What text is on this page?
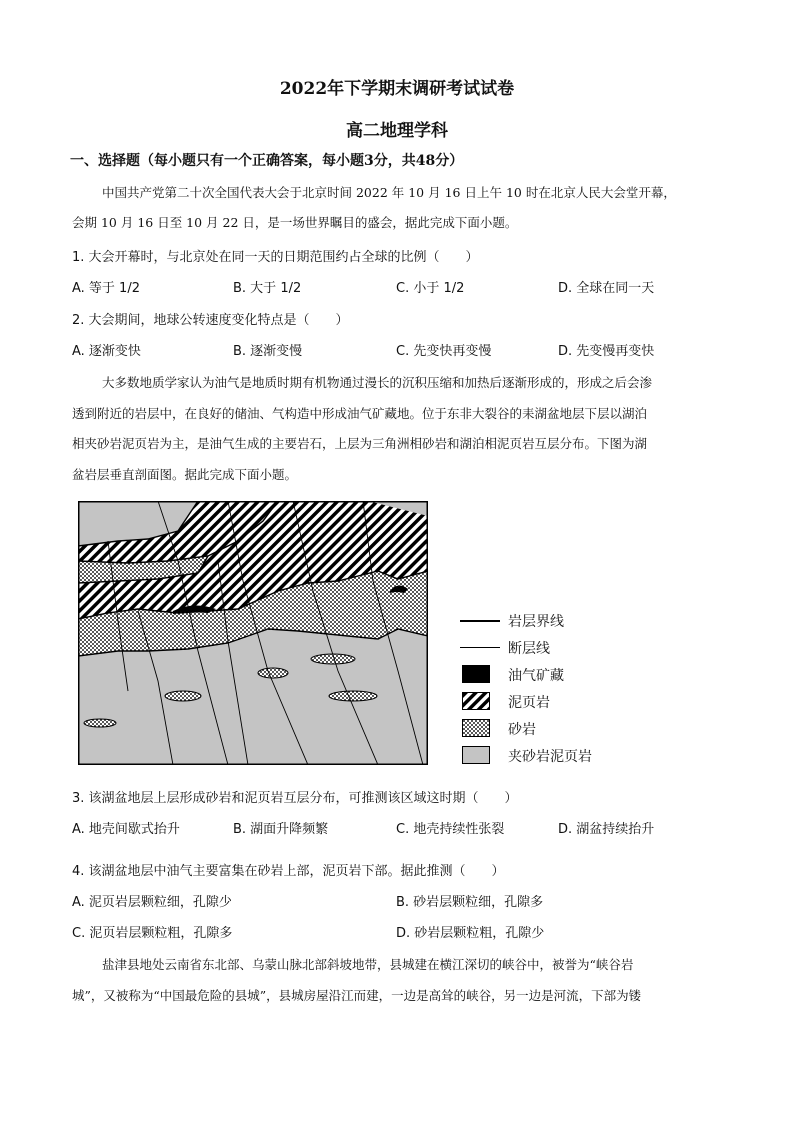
2022年下学期末调研考试试卷
高二地理学科
一、选择题（每小题只有一个正确答案，每小题3分，共48分）
中国共产党第二十次全国代表大会于北京时间 2022 年 10 月 16 日上午 10 时在北京人民大会堂开幕，
会期 10 月 16 日至 10 月 22 日，是一场世界瞩目的盛会，据此完成下面小题。
1. 大会开幕时，与北京处在同一天的日期范围约占全球的比例（　　）
A. 等于 1/2	B. 大于 1/2	C. 小于 1/2	D. 全球在同一天
2. 大会期间，地球公转速度变化特点是（　　）
A. 逐渐变快	B. 逐渐变慢	C. 先变快再变慢	D. 先变慢再变快
大多数地质学家认为油气是地质时期有机物通过漫长的沉积压缩和加热后逐渐形成的，形成之后会渗
透到附近的岩层中，在良好的储油、气构造中形成油气矿藏地。位于东非大裂谷的耒湖盆地层下层以湖泊
相夹砂岩泥页岩为主，是油气生成的主要岩石，上层为三角洲相砂岩和湖泊相泥页岩互层分布。下图为湖
盆岩层垂直剖面图。据此完成下面小题。
岩层界线
断层线
油气矿藏
泥页岩
砂岩
夹砂岩泥页岩
3. 该湖盆地层上层形成砂岩和泥页岩互层分布，可推测该区域这时期（　　）
A. 地壳间歇式抬升	B. 湖面升降频繁	C. 地壳持续性张裂	D. 湖盆持续抬升
4. 该湖盆地层中油气主要富集在砂岩上部，泥页岩下部。据此推测（　　）
A. 泥页岩层颗粒细，孔隙少	B. 砂岩层颗粒细，孔隙多
C. 泥页岩层颗粒粗，孔隙多	D. 砂岩层颗粒粗，孔隙少
盐津县地处云南省东北部、乌蒙山脉北部斜坡地带，县城建在横江深切的峡谷中，被誉为“峡谷岩
城”，又被称为“中国最危险的县城”，县城房屋沿江而建，一边是高耸的峡谷，另一边是河流，下部为镂
